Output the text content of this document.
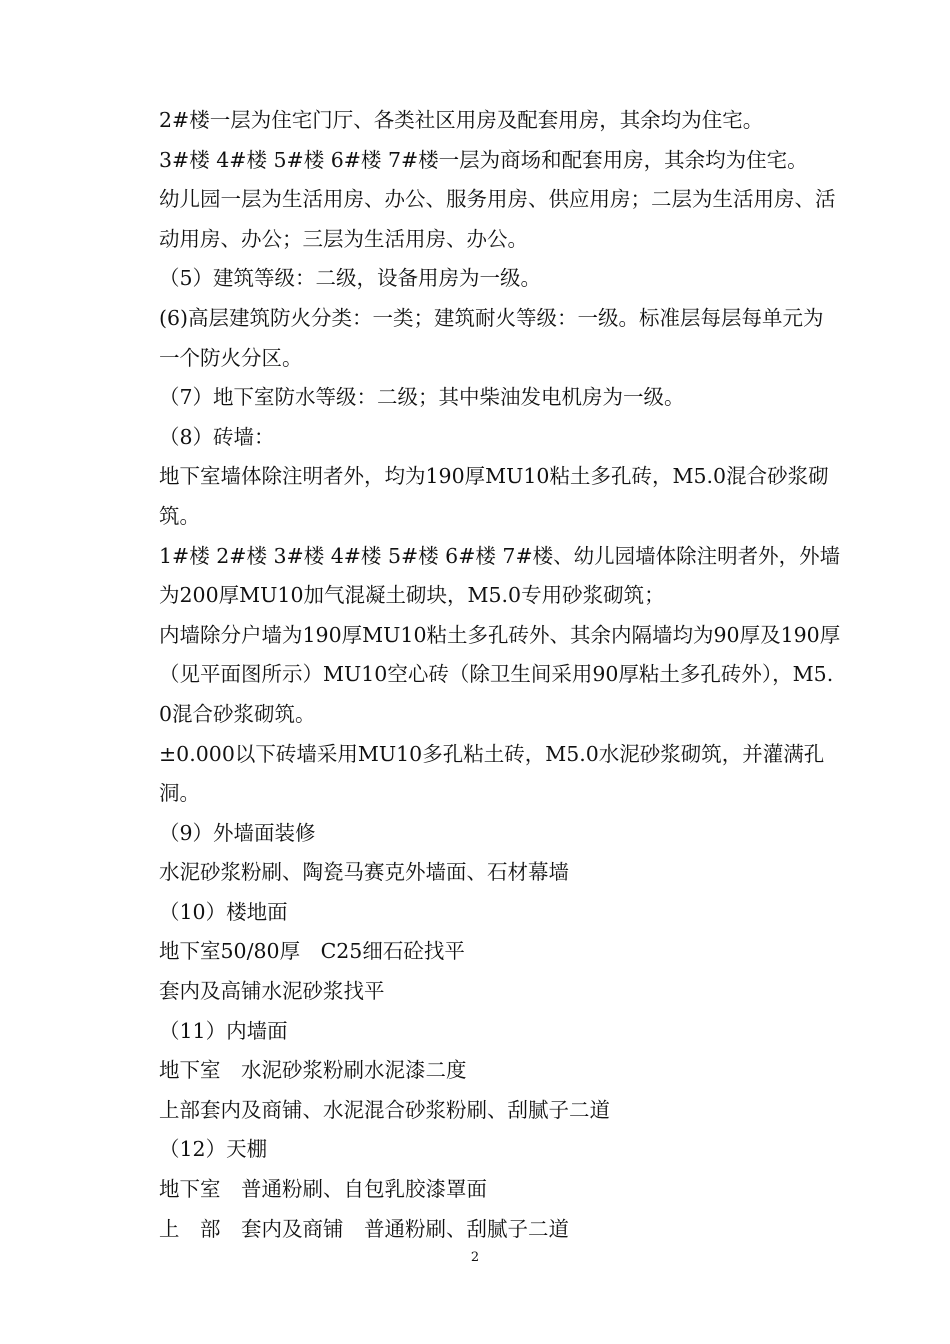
2#楼一层为住宅门厅、各类社区用房及配套用房，其余均为住宅。

3#楼 4#楼 5#楼 6#楼 7#楼一层为商场和配套用房，其余均为住宅。

幼儿园一层为生活用房、办公、服务用房、供应用房；二层为生活用房、活动用房、办公；三层为生活用房、办公。

（5）建筑等级：二级，设备用房为一级。

(6)高层建筑防火分类：一类；建筑耐火等级：一级。标准层每层每单元为一个防火分区。

（7）地下室防水等级：二级；其中柴油发电机房为一级。

（8）砖墙：

地下室墙体除注明者外，均为190厚MU10粘土多孔砖，M5.0混合砂浆砌筑。

1#楼 2#楼 3#楼 4#楼 5#楼 6#楼 7#楼、幼儿园墙体除注明者外，外墙为200厚MU10加气混凝土砌块，M5.0专用砂浆砌筑；

内墙除分户墙为190厚MU10粘土多孔砖外、其余内隔墙均为90厚及190厚（见平面图所示）MU10空心砖（除卫生间采用90厚粘土多孔砖外），M5.0混合砂浆砌筑。

±0.000以下砖墙采用MU10多孔粘土砖，M5.0水泥砂浆砌筑，并灌满孔洞。

（9）外墙面装修

水泥砂浆粉刷、陶瓷马赛克外墙面、石材幕墙

（10）楼地面

地下室50/80厚　C25细石砼找平

套内及高铺水泥砂浆找平

（11）内墙面

地下室　水泥砂浆粉刷水泥漆二度

上部套内及商铺、水泥混合砂浆粉刷、刮腻子二道

（12）天棚

地下室　普通粉刷、自包乳胶漆罩面

上　部　套内及商铺　普通粉刷、刮腻子二道

2
